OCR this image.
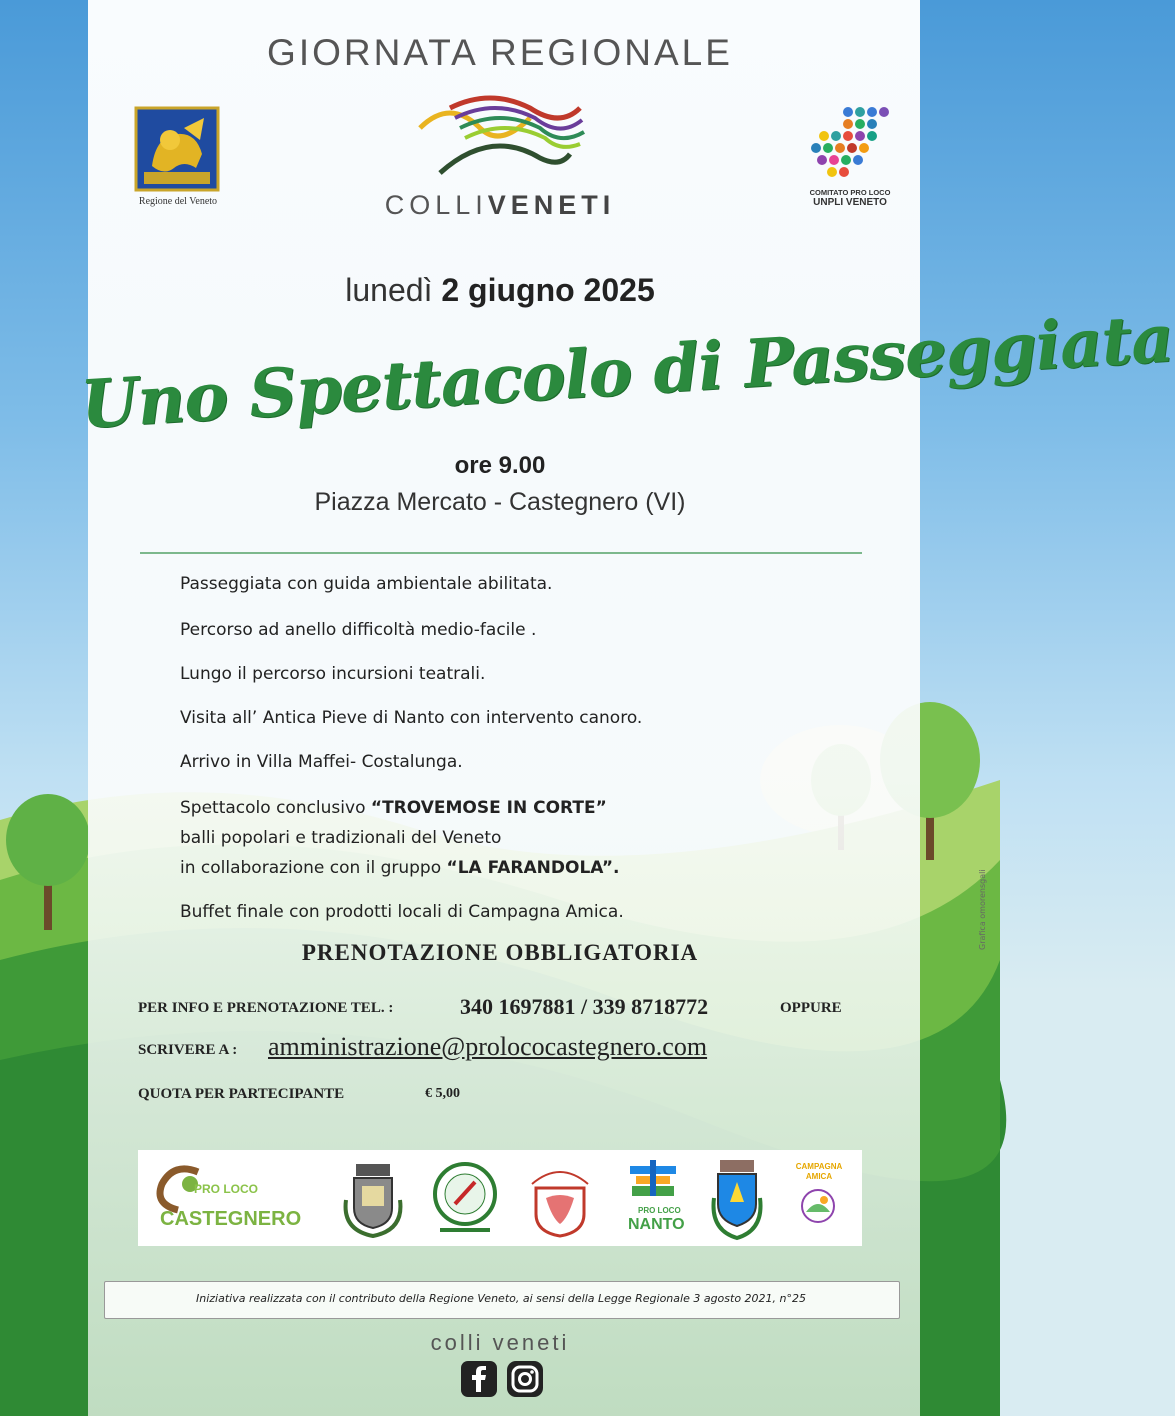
GIORNATA REGIONALE

Regione del Veneto	COLLIVENETI	COMITATO PRO LOCO
UNPLI VENETO

lunedì 2 giugno 2025

Uno Spettacolo di Passeggiata

ore 9.00

Piazza Mercato - Castegnero (VI)

Passeggiata con guida ambientale abilitata.

Percorso ad anello difficoltà medio-facile .

Lungo il percorso incursioni teatrali.

Visita all’ Antica Pieve di Nanto con intervento canoro.

Arrivo in Villa Maffei- Costalunga.

Spettacolo conclusivo “TROVEMOSE IN CORTE”

balli popolari e tradizionali del Veneto

in collaborazione con il gruppo “LA FARANDOLA”.

Buffet finale con prodotti locali di Campagna Amica.

PRENOTAZIONE OBBLIGATORIA

PER INFO E PRENOTAZIONE TEL. :	340 1697881 / 339 8718772	OPPURE

SCRIVERE A : amministrazione@prolococastegnero.com

QUOTA PER PARTECIPANTE	€ 5,00

PRO LOCO
CASTEGNERO	PRO LOCO
NANTO
CAMPAGNA AMICA

Iniziativa realizzata con il contributo della Regione Veneto, ai sensi della Legge Regionale 3 agosto 2021, n°25

colli veneti

Grafica omorensgali
